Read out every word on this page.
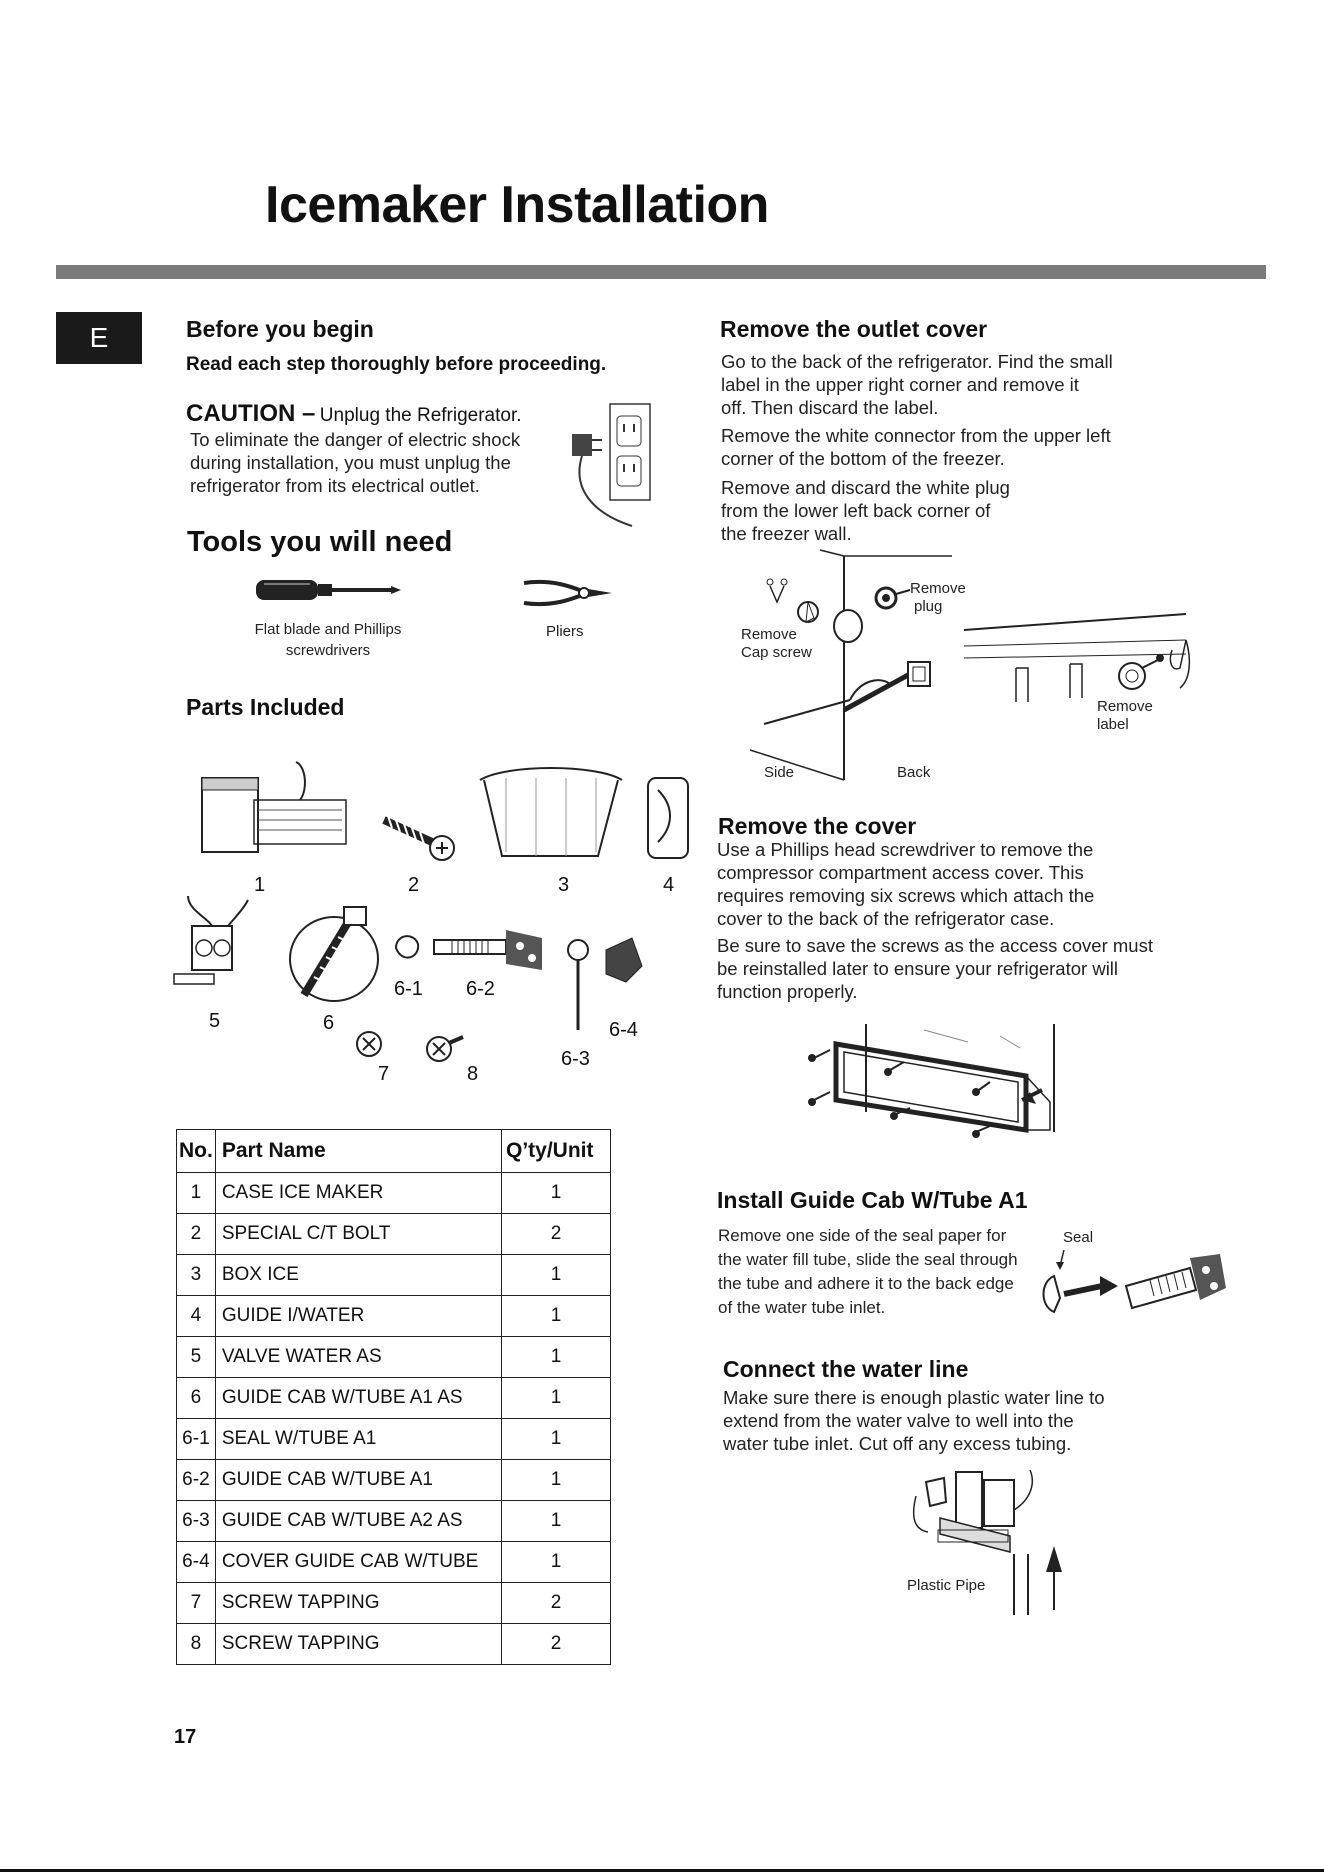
Icemaker Installation
E	Before you begin

Read each step thoroughly before proceeding.

CAUTION – Unplug the Refrigerator.
To eliminate the danger of electric shock
during installation, you must unplug the
refrigerator from its electrical outlet.
Tools you will need
Flat blade and Phillips
screwdrivers
Pliers
Parts Included
1	2	3	4
5	6
6-1 6-2
6-3
6-4
7	8
No.	Part Name	Q’ty/Unit
1	CASE ICE MAKER	1
2	SPECIAL C/T BOLT	2
3	BOX ICE	1
4	GUIDE I/WATER	1
5	VALVE WATER AS	1
6	GUIDE CAB W/TUBE A1 AS	1
6-1	SEAL W/TUBE A1	1
6-2	GUIDE CAB W/TUBE A1	1
6-3	GUIDE CAB W/TUBE A2 AS	1
6-4	COVER GUIDE CAB W/TUBE	1
7	SCREW TAPPING	2
8	SCREW TAPPING	2
17
Remove the outlet cover
Go to the back of the refrigerator. Find the small
label in the upper right corner and remove it
off. Then discard the label.
Remove the white connector from the upper left
corner of the bottom of the freezer.
Remove and discard the white plug
from the lower left back corner of
the freezer wall.
Remove
plug
Remove
Cap screw
Remove
label
Side	Back
Remove the cover
Use a Phillips head screwdriver to remove the
compressor compartment access cover. This
requires removing six screws which attach the
cover to the back of the refrigerator case.
Be sure to save the screws as the access cover must
be reinstalled later to ensure your refrigerator will
function properly.
Install Guide Cab W/Tube A1
Remove one side of the seal paper for
the water fill tube, slide the seal through
the tube and adhere it to the back edge
of the water tube inlet.
Seal
Connect the water line
Make sure there is enough plastic water line to
extend from the water valve to well into the
water tube inlet. Cut off any excess tubing.
Plastic Pipe
